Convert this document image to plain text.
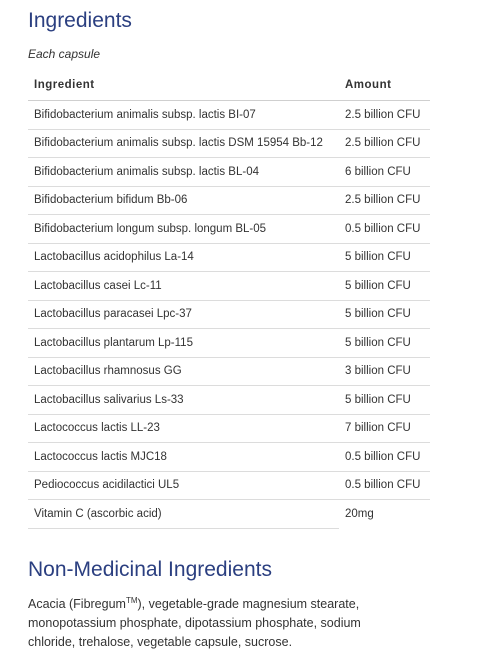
Ingredients
Each capsule
Ingredient	Amount
Bifidobacterium animalis subsp. lactis BI-07	2.5 billion CFU
Bifidobacterium animalis subsp. lactis DSM 15954 Bb-12	2.5 billion CFU
Bifidobacterium animalis subsp. lactis BL-04	6 billion CFU
Bifidobacterium bifidum Bb-06	2.5 billion CFU
Bifidobacterium longum subsp. longum BL-05	0.5 billion CFU
Lactobacillus acidophilus La-14	5 billion CFU
Lactobacillus casei Lc-11	5 billion CFU
Lactobacillus paracasei Lpc-37	5 billion CFU
Lactobacillus plantarum Lp-115	5 billion CFU
Lactobacillus rhamnosus GG	3 billion CFU
Lactobacillus salivarius Ls-33	5 billion CFU
Lactococcus lactis LL-23	7 billion CFU
Lactococcus lactis MJC18	0.5 billion CFU
Pediococcus acidilactici UL5	0.5 billion CFU
Vitamin C (ascorbic acid)	20mg
Non-Medicinal Ingredients
Acacia (Fibregum™), vegetable-grade magnesium stearate, monopotassium phosphate, dipotassium phosphate, sodium chloride, trehalose, vegetable capsule, sucrose.
